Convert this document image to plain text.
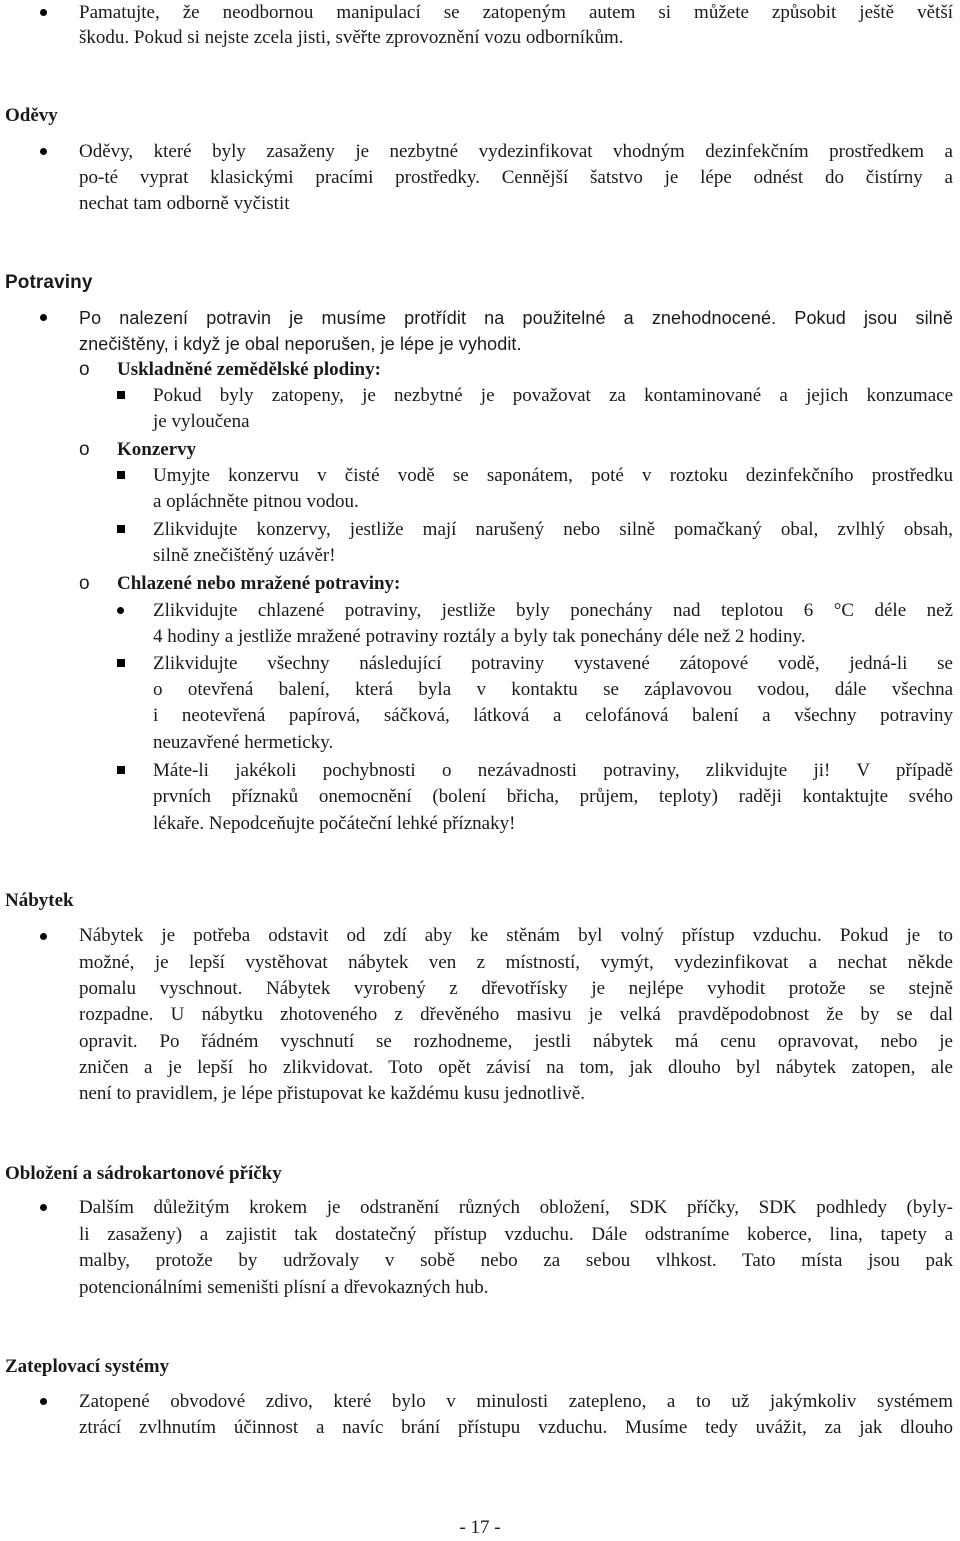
Pamatujte, že neodbornou manipulací se zatopeným autem si můžete způsobit ještě větší
škodu. Pokud si nejste zcela jisti, svěřte zprovoznění vozu odborníkům.
Oděvy
Oděvy, které byly zasaženy je nezbytné vydezinfikovat vhodným dezinfekčním prostředkem a
po-té vyprat klasickými pracími prostředky. Cennější šatstvo je lépe odnést do čistírny a
nechat tam odborně vyčistit
Potraviny
Po nalezení potravin je musíme protřídit na použitelné a znehodnocené. Pokud jsou silně
znečištěny, i když je obal neporušen, je lépe je vyhodit.
o Uskladněné zemědělské plodiny:
Pokud byly zatopeny, je nezbytné je považovat za kontaminované a jejich konzumace
je vyloučena
o Konzervy
Umyjte konzervu v čisté vodě se saponátem, poté v roztoku dezinfekčního prostředku
a opláchněte pitnou vodou.
Zlikvidujte konzervy, jestliže mají narušený nebo silně pomačkaný obal, zvlhlý obsah,
silně znečištěný uzávěr!
o Chlazené nebo mražené potraviny:
Zlikvidujte chlazené potraviny, jestliže byly ponechány nad teplotou 6 °C déle než
4 hodiny a jestliže mražené potraviny roztály a byly tak ponechány déle než 2 hodiny.
Zlikvidujte všechny následující potraviny vystavené zátopové vodě, jedná-li se
o otevřená balení, která byla v kontaktu se záplavovou vodou, dále všechna
i neotevřená papírová, sáčková, látková a celofánová balení a všechny potraviny
neuzavřené hermeticky.
Máte-li jakékoli pochybnosti o nezávadnosti potraviny, zlikvidujte ji! V případě
prvních příznaků onemocnění (bolení břicha, průjem, teploty) raději kontaktujte svého
lékaře. Nepodceňujte počáteční lehké příznaky!
Nábytek
Nábytek je potřeba odstavit od zdí aby ke stěnám byl volný přístup vzduchu. Pokud je to
možné, je lepší vystěhovat nábytek ven z místností, vymýt, vydezinfikovat a nechat někde
pomalu vyschnout. Nábytek vyrobený z dřevotřísky je nejlépe vyhodit protože se stejně
rozpadne. U nábytku zhotoveného z dřevěného masivu je velká pravděpodobnost že by se dal
opravit. Po řádném vyschnutí se rozhodneme, jestli nábytek má cenu opravovat, nebo je
zničen a je lepší ho zlikvidovat. Toto opět závisí na tom, jak dlouho byl nábytek zatopen, ale
není to pravidlem, je lépe přistupovat ke každému kusu jednotlivě.
Obložení a sádrokartonové příčky
Dalším důležitým krokem je odstranění různých obložení, SDK příčky, SDK podhledy (byly-
li zasaženy) a zajistit tak dostatečný přístup vzduchu. Dále odstraníme koberce, lina, tapety a
malby, protože by udržovaly v sobě nebo za sebou vlhkost. Tato místa jsou pak
potencionálními semeništi plísní a dřevokazných hub.
Zateplovací systémy
Zatopené obvodové zdivo, které bylo v minulosti zatepleno, a to už jakýmkoliv systémem
ztrácí zvlhnutím účinnost a navíc brání přístupu vzduchu. Musíme tedy uvážit, za jak dlouho
- 17 -
